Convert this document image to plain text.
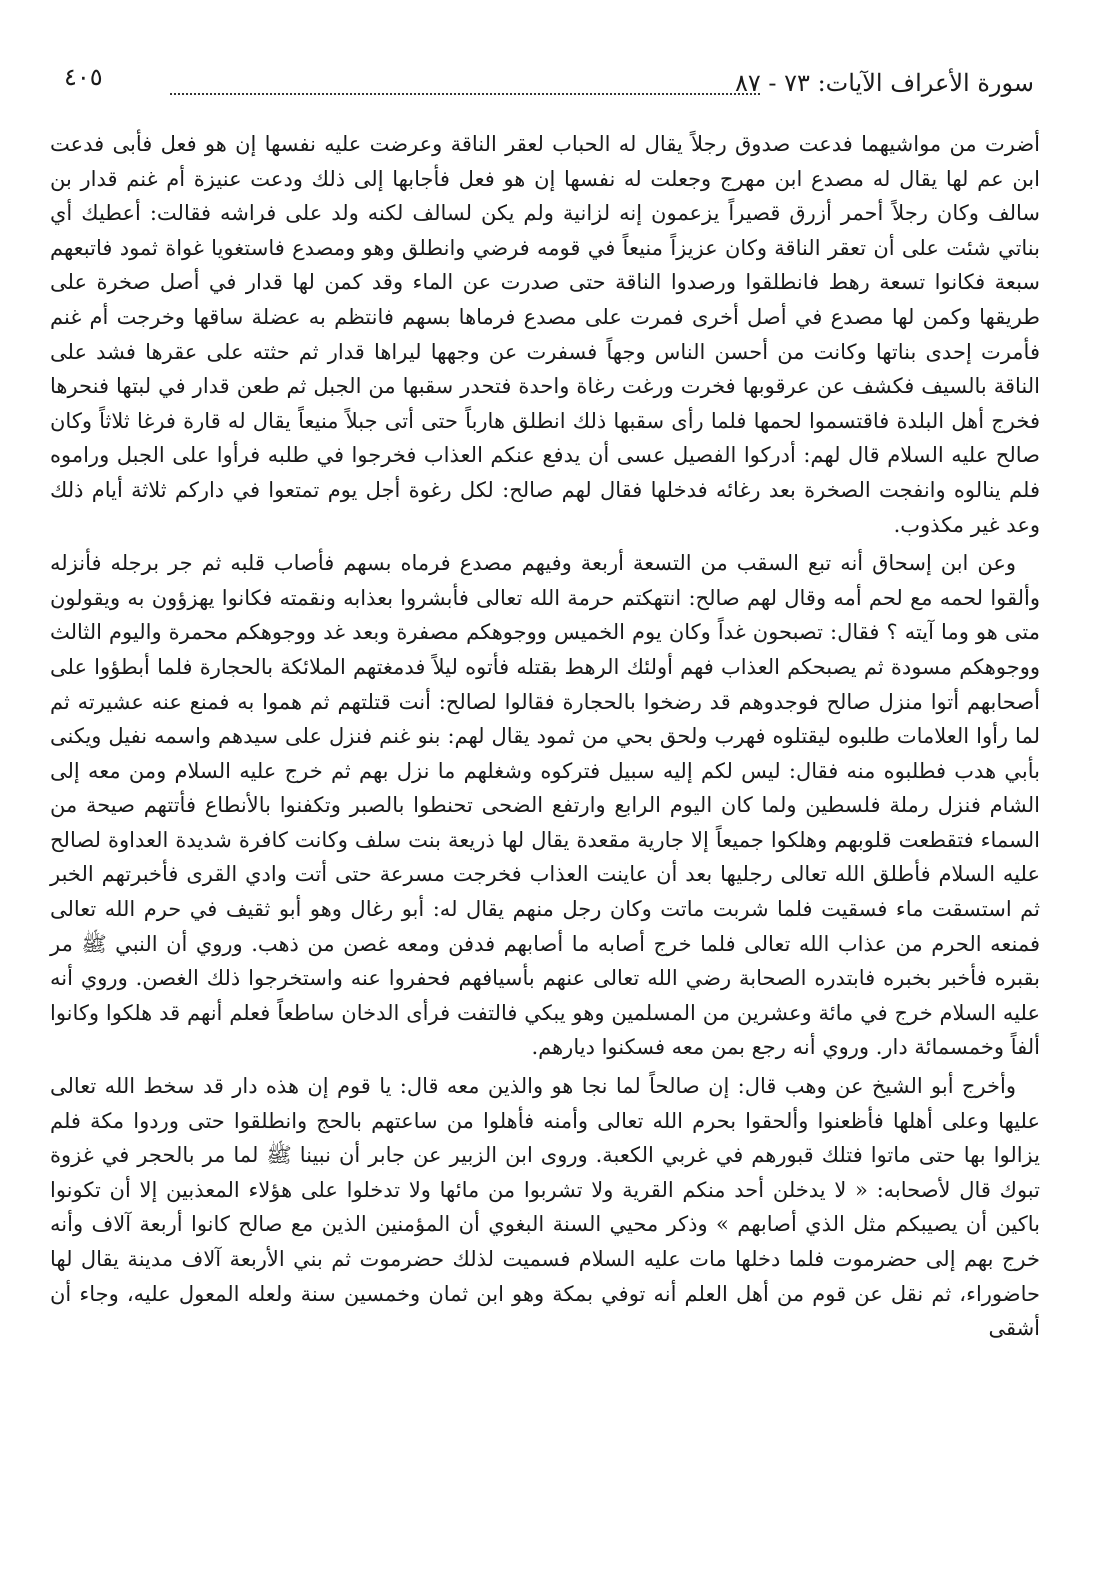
سورة الأعراف الآيات: ٧٣ - ٨٧
٤٠٥

أضرت من مواشيهما فدعت صدوق رجلاً يقال له الحباب لعقر الناقة وعرضت عليه نفسها إن هو فعل فأبى فدعت ابن عم لها يقال له مصدع ابن مهرج وجعلت له نفسها إن هو فعل فأجابها إلى ذلك ودعت عنيزة أم غنم قدار بن سالف وكان رجلاً أحمر أزرق قصيراً يزعمون إنه لزانية ولم يكن لسالف لكنه ولد على فراشه فقالت: أعطيك أي بناتي شئت على أن تعقر الناقة وكان عزيزاً منيعاً في قومه فرضي وانطلق وهو ومصدع فاستغويا غواة ثمود فاتبعهم سبعة فكانوا تسعة رهط فانطلقوا ورصدوا الناقة حتى صدرت عن الماء وقد كمن لها قدار في أصل صخرة على طريقها وكمن لها مصدع في أصل أخرى فمرت على مصدع فرماها بسهم فانتظم به عضلة ساقها وخرجت أم غنم فأمرت إحدى بناتها وكانت من أحسن الناس وجهاً فسفرت عن وجهها ليراها قدار ثم حثته على عقرها فشد على الناقة بالسيف فكشف عن عرقوبها فخرت ورغت رغاة واحدة فتحدر سقبها من الجبل ثم طعن قدار في لبتها فنحرها فخرج أهل البلدة فاقتسموا لحمها فلما رأى سقبها ذلك انطلق هارباً حتى أتى جبلاً منيعاً يقال له قارة فرغا ثلاثاً وكان صالح عليه السلام قال لهم: أدركوا الفصيل عسى أن يدفع عنكم العذاب فخرجوا في طلبه فرأوا على الجبل وراموه فلم ينالوه وانفجت الصخرة بعد رغائه فدخلها فقال لهم صالح: لكل رغوة أجل يوم تمتعوا في داركم ثلاثة أيام ذلك وعد غير مكذوب.

وعن ابن إسحاق أنه تبع السقب من التسعة أربعة وفيهم مصدع فرماه بسهم فأصاب قلبه ثم جر برجله فأنزله وألقوا لحمه مع لحم أمه وقال لهم صالح: انتهكتم حرمة الله تعالى فأبشروا بعذابه ونقمته فكانوا يهزؤون به ويقولون متى هو وما آيته ؟ فقال: تصبحون غداً وكان يوم الخميس ووجوهكم مصفرة وبعد غد ووجوهكم محمرة واليوم الثالث ووجوهكم مسودة ثم يصبحكم العذاب فهم أولئك الرهط بقتله فأتوه ليلاً فدمغتهم الملائكة بالحجارة فلما أبطؤوا على أصحابهم أتوا منزل صالح فوجدوهم قد رضخوا بالحجارة فقالوا لصالح: أنت قتلتهم ثم هموا به فمنع عنه عشيرته ثم لما رأوا العلامات طلبوه ليقتلوه فهرب ولحق بحي من ثمود يقال لهم: بنو غنم فنزل على سيدهم واسمه نفيل ويكنى بأبي هدب فطلبوه منه فقال: ليس لكم إليه سبيل فتركوه وشغلهم ما نزل بهم ثم خرج عليه السلام ومن معه إلى الشام فنزل رملة فلسطين ولما كان اليوم الرابع وارتفع الضحى تحنطوا بالصبر وتكفنوا بالأنطاع فأتتهم صيحة من السماء فتقطعت قلوبهم وهلكوا جميعاً إلا جارية مقعدة يقال لها ذريعة بنت سلف وكانت كافرة شديدة العداوة لصالح عليه السلام فأطلق الله تعالى رجليها بعد أن عاينت العذاب فخرجت مسرعة حتى أتت وادي القرى فأخبرتهم الخبر ثم استسقت ماء فسقيت فلما شربت ماتت وكان رجل منهم يقال له: أبو رغال وهو أبو ثقيف في حرم الله تعالى فمنعه الحرم من عذاب الله تعالى فلما خرج أصابه ما أصابهم فدفن ومعه غصن من ذهب. وروي أن النبي ﷺ مر بقبره فأخبر بخبره فابتدره الصحابة رضي الله تعالى عنهم بأسيافهم فحفروا عنه واستخرجوا ذلك الغصن. وروي أنه عليه السلام خرج في مائة وعشرين من المسلمين وهو يبكي فالتفت فرأى الدخان ساطعاً فعلم أنهم قد هلكوا وكانوا ألفاً وخمسمائة دار. وروي أنه رجع بمن معه فسكنوا ديارهم.

وأخرج أبو الشيخ عن وهب قال: إن صالحاً لما نجا هو والذين معه قال: يا قوم إن هذه دار قد سخط الله تعالى عليها وعلى أهلها فأظعنوا وألحقوا بحرم الله تعالى وأمنه فأهلوا من ساعتهم بالحج وانطلقوا حتى وردوا مكة فلم يزالوا بها حتى ماتوا فتلك قبورهم في غربي الكعبة. وروى ابن الزبير عن جابر أن نبينا ﷺ لما مر بالحجر في غزوة تبوك قال لأصحابه: « لا يدخلن أحد منكم القرية ولا تشربوا من مائها ولا تدخلوا على هؤلاء المعذبين إلا أن تكونوا باكين أن يصيبكم مثل الذي أصابهم » وذكر محيي السنة البغوي أن المؤمنين الذين مع صالح كانوا أربعة آلاف وأنه خرج بهم إلى حضرموت فلما دخلها مات عليه السلام فسميت لذلك حضرموت ثم بني الأربعة آلاف مدينة يقال لها حاضوراء، ثم نقل عن قوم من أهل العلم أنه توفي بمكة وهو ابن ثمان وخمسين سنة ولعله المعول عليه، وجاء أن أشقى
